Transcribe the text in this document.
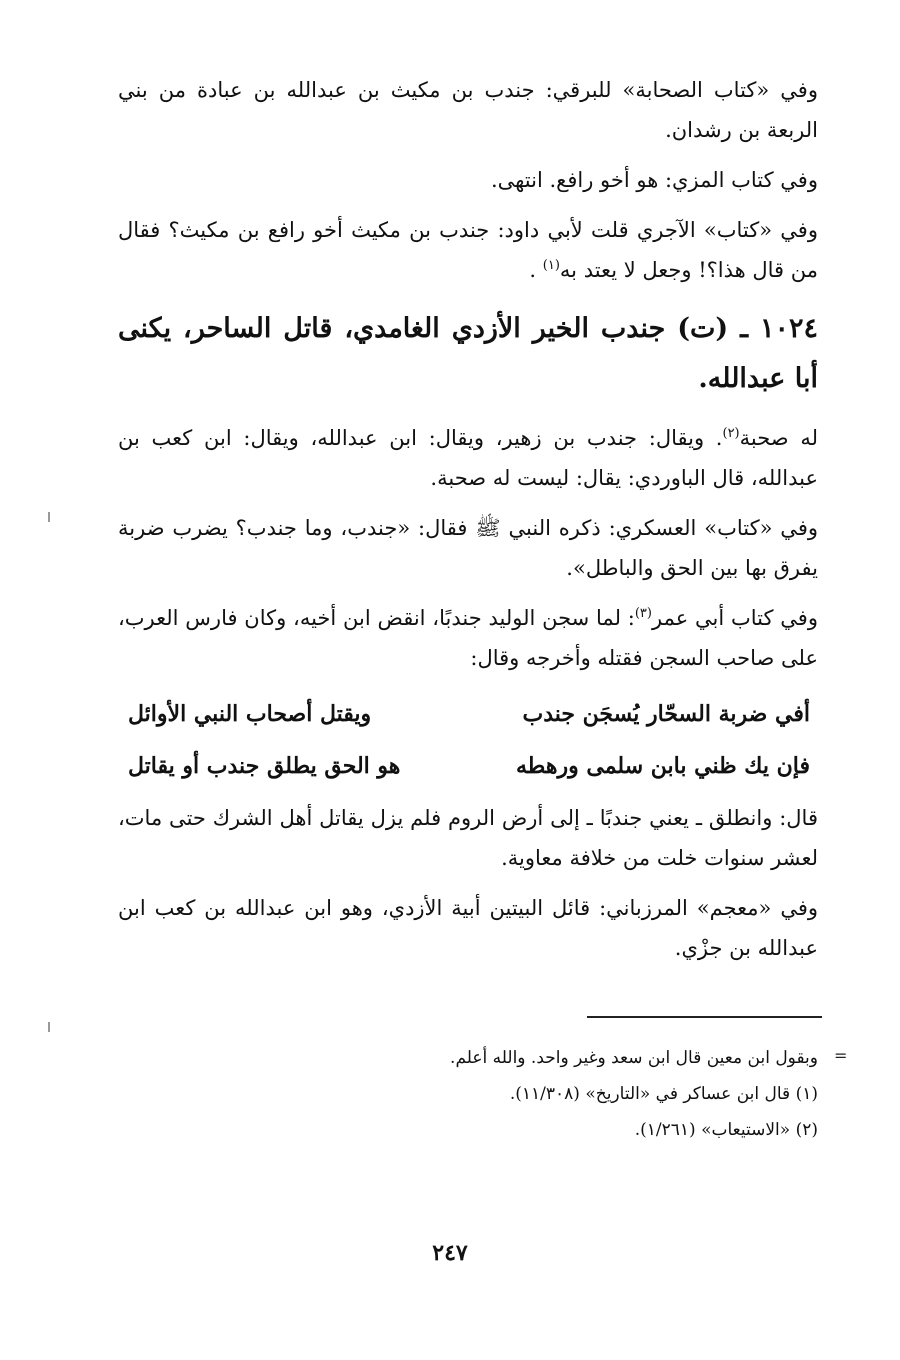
وفي «كتاب الصحابة» للبرقي: جندب بن مكيث بن عبدالله بن عبادة من بني الربعة بن رشدان.

وفي كتاب المزي: هو أخو رافع. انتهى.

وفي «كتاب» الآجري قلت لأبي داود: جندب بن مكيث أخو رافع بن مكيث؟ فقال من قال هذا؟! وجعل لا يعتد به$^{(١)}$ .

١٠٢٤ ـ (ت) جندب الخير الأزدي الغامدي، قاتل الساحر، يكنى أبا عبدالله.

له صحبة$^{(٢)}$. ويقال: جندب بن زهير، ويقال: ابن عبدالله، ويقال: ابن كعب بن عبدالله، قال الباوردي: يقال: ليست له صحبة.

وفي «كتاب» العسكري: ذكره النبي ﷺ فقال: «جندب، وما جندب؟ يضرب ضربة يفرق بها بين الحق والباطل».

وفي كتاب أبي عمر$^{(٣)}$: لما سجن الوليد جندبًا، انقض ابن أخيه، وكان فارس العرب، على صاحب السجن فقتله وأخرجه وقال:

أفي ضربة السحّار يُسجَن جندب
ويقتل أصحاب النبي الأوائل
فإن يك ظني بابن سلمى ورهطه
هو الحق يطلق جندب أو يقاتل

قال: وانطلق ـ يعني جندبًا ـ إلى أرض الروم فلم يزل يقاتل أهل الشرك حتى مات، لعشر سنوات خلت من خلافة معاوية.

وفي «معجم» المرزباني: قائل البيتين أبية الأزدي، وهو ابن عبدالله بن كعب ابن عبدالله بن جزْي.

=

وبقول ابن معين قال ابن سعد وغير واحد. والله أعلم.

(١) قال ابن عساكر في «التاريخ» (١١/٣٠٨).

(٢) «الاستيعاب» (١/٢٦١).

٢٤٧
